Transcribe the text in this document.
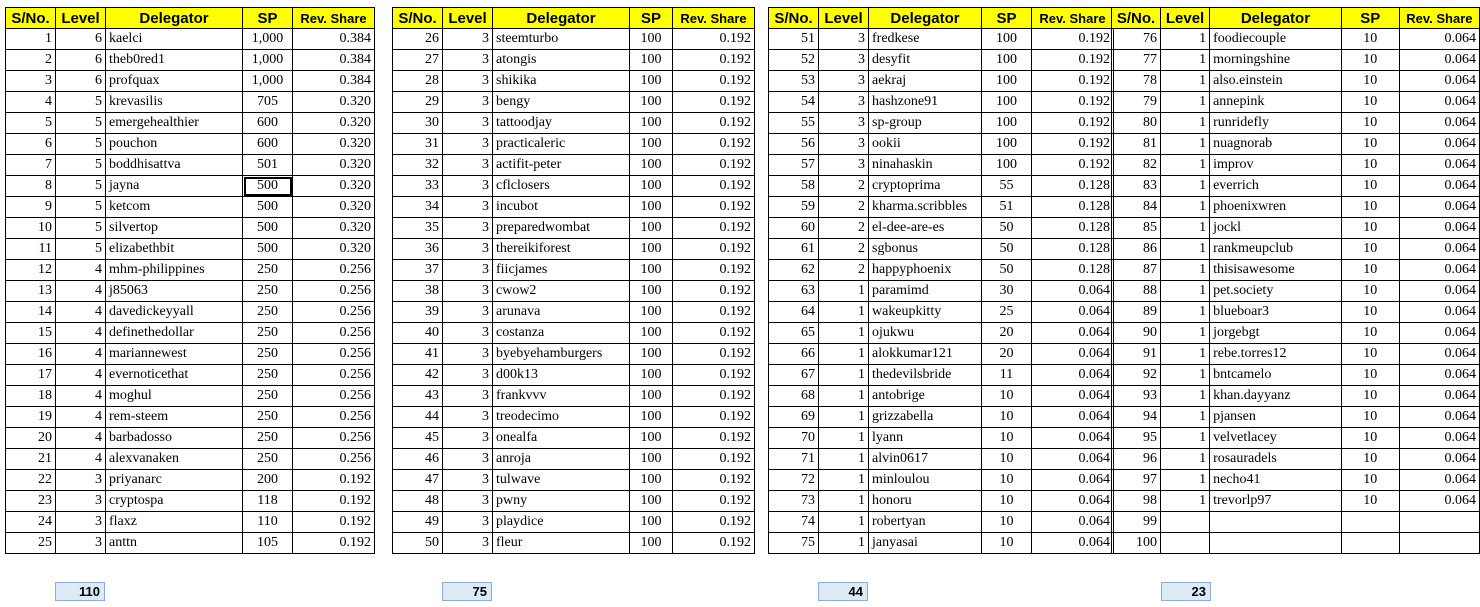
S/No.	Level	Delegator	SP	Rev. Share
1	6	kaelci	1,000	0.384
2	6	theb0red1	1,000	0.384
3	6	profquax	1,000	0.384
4	5	krevasilis	705	0.320
5	5	emergehealthier	600	0.320
6	5	pouchon	600	0.320
7	5	boddhisattva	501	0.320
8	5	jayna	500	0.320
9	5	ketcom	500	0.320
10	5	silvertop	500	0.320
11	5	elizabethbit	500	0.320
12	4	mhm-philippines	250	0.256
13	4	j85063	250	0.256
14	4	davedickeyyall	250	0.256
15	4	definethedollar	250	0.256
16	4	mariannewest	250	0.256
17	4	evernoticethat	250	0.256
18	4	moghul	250	0.256
19	4	rem-steem	250	0.256
20	4	barbadosso	250	0.256
21	4	alexvanaken	250	0.256
22	3	priyanarc	200	0.192
23	3	cryptospa	118	0.192
24	3	flaxz	110	0.192
25	3	anttn	105	0.192
110
S/No.	Level	Delegator	SP	Rev. Share
26	3	steemturbo	100	0.192
27	3	atongis	100	0.192
28	3	shikika	100	0.192
29	3	bengy	100	0.192
30	3	tattoodjay	100	0.192
31	3	practicaleric	100	0.192
32	3	actifit-peter	100	0.192
33	3	cflclosers	100	0.192
34	3	incubot	100	0.192
35	3	preparedwombat	100	0.192
36	3	thereikiforest	100	0.192
37	3	fiicjames	100	0.192
38	3	cwow2	100	0.192
39	3	arunava	100	0.192
40	3	costanza	100	0.192
41	3	byebyehamburgers	100	0.192
42	3	d00k13	100	0.192
43	3	frankvvv	100	0.192
44	3	treodecimo	100	0.192
45	3	onealfa	100	0.192
46	3	anroja	100	0.192
47	3	tulwave	100	0.192
48	3	pwny	100	0.192
49	3	playdice	100	0.192
50	3	fleur	100	0.192
75
S/No.	Level	Delegator	SP	Rev. Share
51	3	fredkese	100	0.192
52	3	desyfit	100	0.192
53	3	aekraj	100	0.192
54	3	hashzone91	100	0.192
55	3	sp-group	100	0.192
56	3	ookii	100	0.192
57	3	ninahaskin	100	0.192
58	2	cryptoprima	55	0.128
59	2	kharma.scribbles	51	0.128
60	2	el-dee-are-es	50	0.128
61	2	sgbonus	50	0.128
62	2	happyphoenix	50	0.128
63	1	paramimd	30	0.064
64	1	wakeupkitty	25	0.064
65	1	ojukwu	20	0.064
66	1	alokkumar121	20	0.064
67	1	thedevilsbride	11	0.064
68	1	antobrige	10	0.064
69	1	grizzabella	10	0.064
70	1	lyann	10	0.064
71	1	alvin0617	10	0.064
72	1	minloulou	10	0.064
73	1	honoru	10	0.064
74	1	robertyan	10	0.064
75	1	janyasai	10	0.064
44
S/No.	Level	Delegator	SP	Rev. Share
76	1	foodiecouple	10	0.064
77	1	morningshine	10	0.064
78	1	also.einstein	10	0.064
79	1	annepink	10	0.064
80	1	runridefly	10	0.064
81	1	nuagnorab	10	0.064
82	1	improv	10	0.064
83	1	everrich	10	0.064
84	1	phoenixwren	10	0.064
85	1	jockl	10	0.064
86	1	rankmeupclub	10	0.064
87	1	thisisawesome	10	0.064
88	1	pet.society	10	0.064
89	1	blueboar3	10	0.064
90	1	jorgebgt	10	0.064
91	1	rebe.torres12	10	0.064
92	1	bntcamelo	10	0.064
93	1	khan.dayyanz	10	0.064
94	1	pjansen	10	0.064
95	1	velvetlacey	10	0.064
96	1	rosauradels	10	0.064
97	1	necho41	10	0.064
98	1	trevorlp97	10	0.064
99				
100				
23
